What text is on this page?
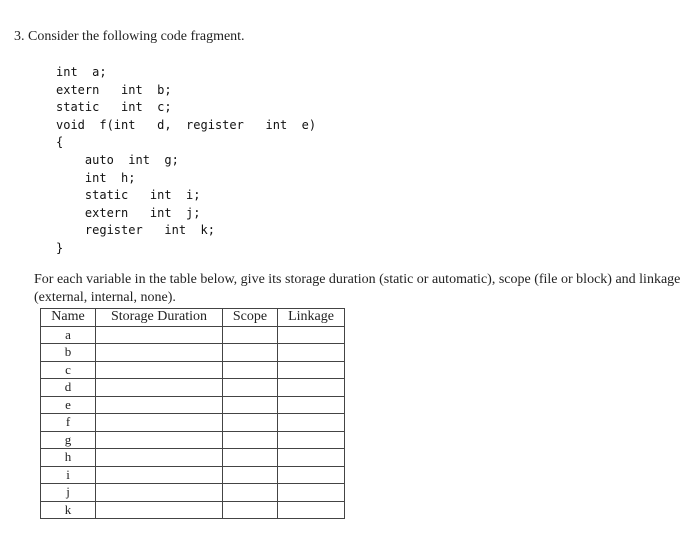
3. Consider the following code fragment.
int  a;
extern   int  b;
static   int  c;
void  f(int   d,  register   int  e)
{
auto  int  g;
int  h;
static   int  i;
extern   int  j;
register   int  k;
}
For each variable in the table below, give its storage duration (static or automatic), scope (file or block) and linkage (external, internal, none).
Name	Storage Duration	Scope	Linkage
a			
b			
c			
d			
e			
f			
g			
h			
i			
j			
k			
